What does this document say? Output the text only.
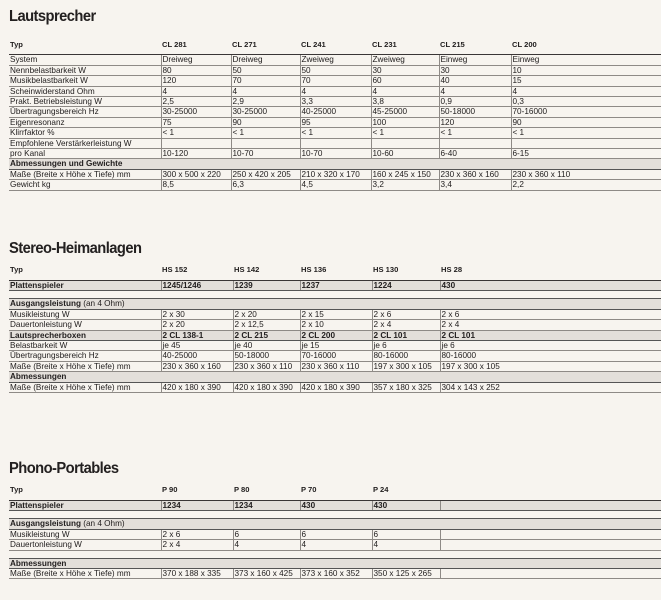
Lautsprecher
Typ	CL 281	CL 271	CL 241	CL 231	CL 215	CL 200
System	Dreiweg	Dreiweg	Zweiweg	Zweiweg	Einweg	Einweg
Nennbelastbarkeit W	80	50	50	30	30	10
Musikbelastbarkeit W	120	70	70	60	40	15
Scheinwiderstand Ohm	4	4	4	4	4	4
Prakt. Betriebsleistung W	2,5	2,9	3,3	3,8	0,9	0,3
Übertragungsbereich Hz	30-25000	30-25000	40-25000	45-25000	50-18000	70-16000
Eigenresonanz	75	90	95	100	120	90
Klirrfaktor %	< 1	< 1	< 1	< 1	< 1	< 1
Empfohlene Verstärkerleistung W						
pro Kanal	10-120	10-70	10-70	10-60	6-40	6-15
Abmessungen und Gewichte						
Maße (Breite x Höhe x Tiefe) mm	300 x 500 x 220	250 x 420 x 205	210 x 320 x 170	160 x 245 x 150	230 x 360 x 160	230 x 360 x 110
Gewicht kg	8,5	6,3	4,5	3,2	3,4	2,2
Stereo-Heimanlagen
Typ	HS 152	HS 142	HS 136	HS 130	HS 28
Plattenspieler	1245/1246	1239	1237	1224	430

Ausgangsleistung (an 4 Ohm)					
Musikleistung W	2 x 30	2 x 20	2 x 15	2 x 6	2 x 6
Dauertonleistung W	2 x 20	2 x 12,5	2 x 10	2 x 4	2 x 4
Lautsprecherboxen	2 CL 138-1	2 CL 215	2 CL 200	2 CL 101	2 CL 101
Belastbarkeit W	je 45	je 40	je 15	je 6	je 6
Übertragungsbereich Hz	40-25000	50-18000	70-16000	80-16000	80-16000
Maße (Breite x Höhe x Tiefe) mm	230 x 360 x 160	230 x 360 x 110	230 x 360 x 110	197 x 300 x 105	197 x 300 x 105
Abmessungen					
Maße (Breite x Höhe x Tiefe) mm	420 x 180 x 390	420 x 180 x 390	420 x 180 x 390	357 x 180 x 325	304 x 143 x 252
Phono-Portables
Typ	P 90	P 80	P 70	P 24	
Plattenspieler	1234	1234	430	430	

Ausgangsleistung (an 4 Ohm)					
Musikleistung W	2 x 6	6	6	6	
Dauertonleistung W	2 x 4	4	4	4	

Abmessungen					
Maße (Breite x Höhe x Tiefe) mm	370 x 188 x 335	373 x 160 x 425	373 x 160 x 352	350 x 125 x 265	
